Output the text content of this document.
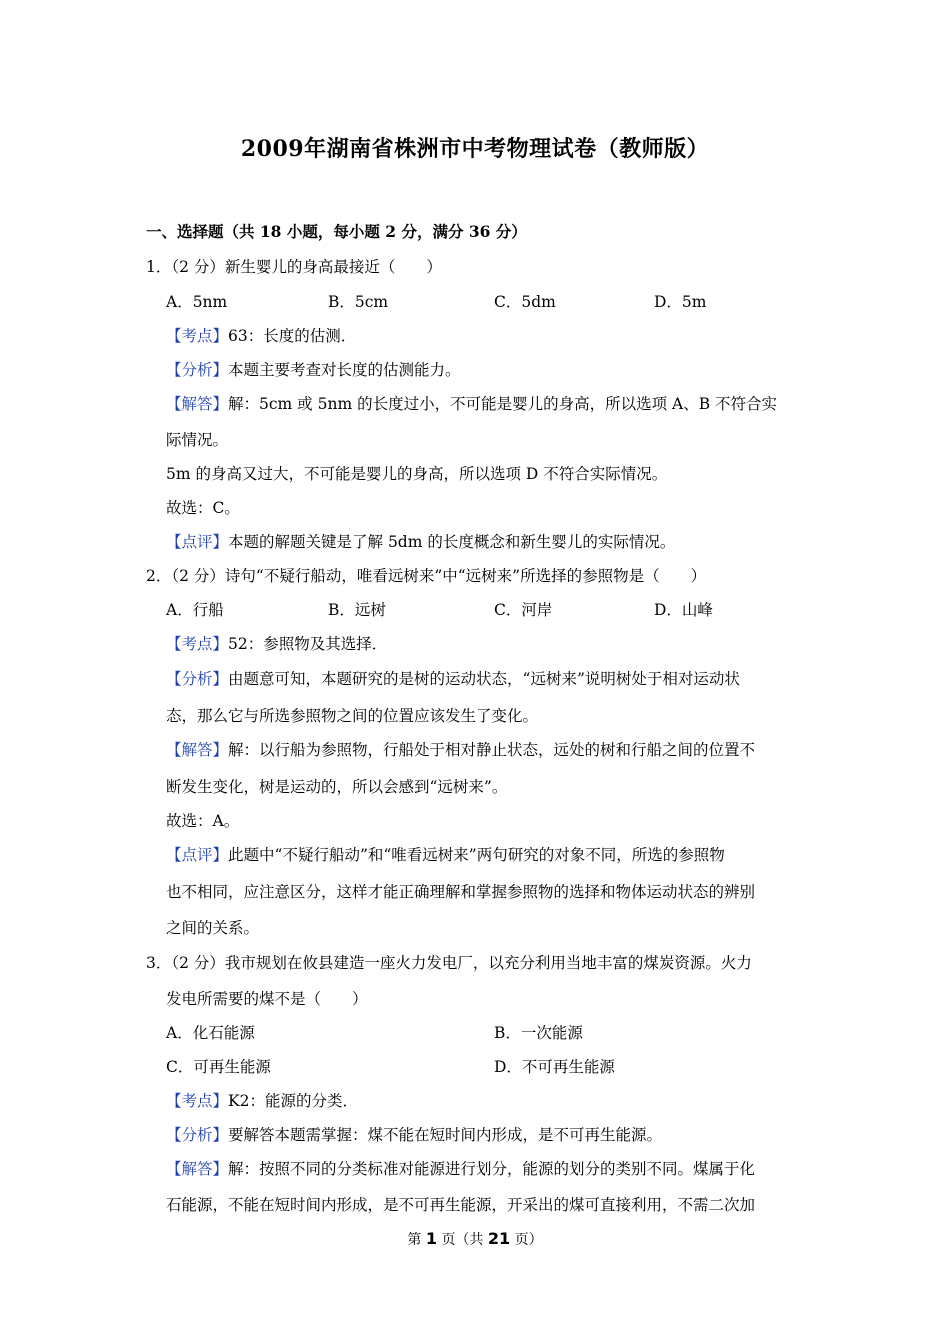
2009年湖南省株洲市中考物理试卷（教师版）
一、选择题（共 18 小题，每小题 2 分，满分 36 分）
1．（2 分）新生婴儿的身高最接近（　　）
A．5nm	B．5cm	C．5dm	D．5m
【考点】63：长度的估测．
【分析】本题主要考查对长度的估测能力。
【解答】解：5cm 或 5nm 的长度过小，不可能是婴儿的身高，所以选项 A、B 不符合实
际情况。
5m 的身高又过大，不可能是婴儿的身高，所以选项 D 不符合实际情况。
故选：C。
【点评】本题的解题关键是了解 5dm 的长度概念和新生婴儿的实际情况。
2．（2 分）诗句“不疑行船动，唯看远树来”中“远树来”所选择的参照物是（　　）
A．行船	B．远树	C．河岸	D．山峰
【考点】52：参照物及其选择．
【分析】由题意可知，本题研究的是树的运动状态，“远树来”说明树处于相对运动状
态，那么它与所选参照物之间的位置应该发生了变化。
【解答】解：以行船为参照物，行船处于相对静止状态，远处的树和行船之间的位置不
断发生变化，树是运动的，所以会感到“远树来”。
故选：A。
【点评】此题中“不疑行船动”和“唯看远树来”两句研究的对象不同，所选的参照物
也不相同，应注意区分，这样才能正确理解和掌握参照物的选择和物体运动状态的辨别
之间的关系。
3．（2 分）我市规划在攸县建造一座火力发电厂，以充分利用当地丰富的煤炭资源。火力
发电所需要的煤不是（　　）
A．化石能源	B．一次能源
C．可再生能源	D．不可再生能源
【考点】K2：能源的分类．
【分析】要解答本题需掌握：煤不能在短时间内形成，是不可再生能源。
【解答】解：按照不同的分类标准对能源进行划分，能源的划分的类别不同。煤属于化
石能源，不能在短时间内形成，是不可再生能源，开采出的煤可直接利用，不需二次加
第 1 页（共 21 页）
